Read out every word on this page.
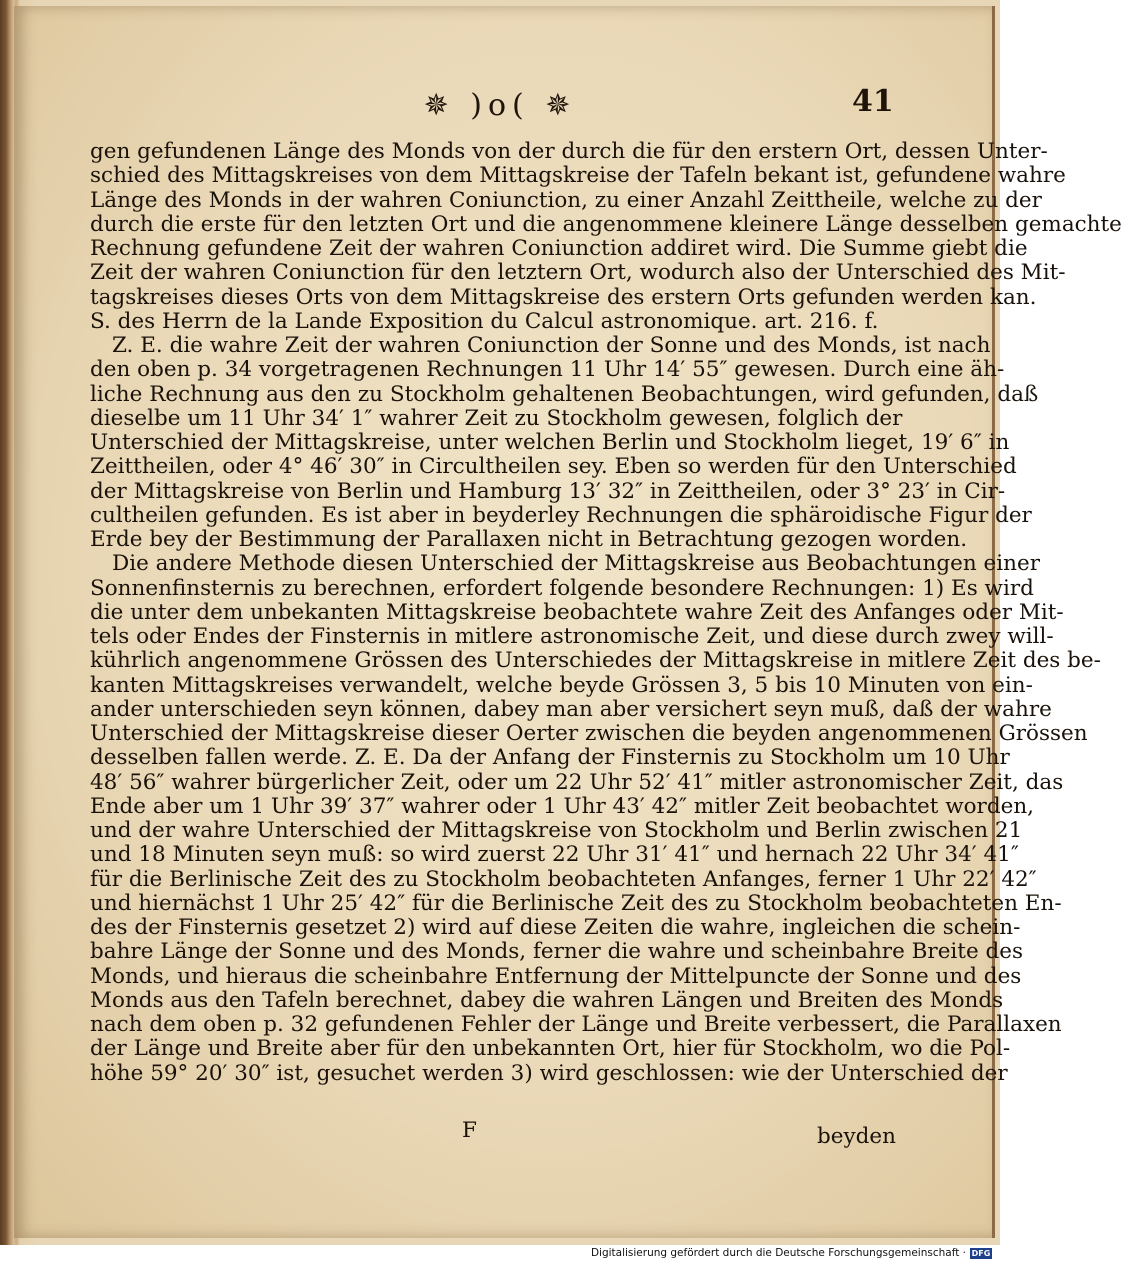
✵ )o( ✵	41
gen gefundenen Länge des Monds von der durch die für den erstern Ort, dessen Unter-
schied des Mittagskreises von dem Mittagskreise der Tafeln bekant ist, gefundene wahre
Länge des Monds in der wahren Coniunction, zu einer Anzahl Zeittheile, welche zu der
durch die erste für den letzten Ort und die angenommene kleinere Länge desselben gemachte
Rechnung gefundene Zeit der wahren Coniunction addiret wird. Die Summe giebt die
Zeit der wahren Coniunction für den letztern Ort, wodurch also der Unterschied des Mit-
tagskreises dieses Orts von dem Mittagskreise des erstern Orts gefunden werden kan.
S. des Herrn de la Lande Exposition du Calcul astronomique. art. 216. f.
Z. E. die wahre Zeit der wahren Coniunction der Sonne und des Monds, ist nach
den oben p. 34 vorgetragenen Rechnungen 11 Uhr 14′ 55″ gewesen. Durch eine äh-
liche Rechnung aus den zu Stockholm gehaltenen Beobachtungen, wird gefunden, daß
dieselbe um 11 Uhr 34′ 1″ wahrer Zeit zu Stockholm gewesen, folglich der
Unterschied der Mittagskreise, unter welchen Berlin und Stockholm lieget, 19′ 6″ in
Zeittheilen, oder 4° 46′ 30″ in Circultheilen sey. Eben so werden für den Unterschied
der Mittagskreise von Berlin und Hamburg 13′ 32″ in Zeittheilen, oder 3° 23′ in Cir-
cultheilen gefunden. Es ist aber in beyderley Rechnungen die sphäroidische Figur der
Erde bey der Bestimmung der Parallaxen nicht in Betrachtung gezogen worden.
Die andere Methode diesen Unterschied der Mittagskreise aus Beobachtungen einer
Sonnenfinsternis zu berechnen, erfordert folgende besondere Rechnungen: 1) Es wird
die unter dem unbekanten Mittagskreise beobachtete wahre Zeit des Anfanges oder Mit-
tels oder Endes der Finsternis in mitlere astronomische Zeit, und diese durch zwey will-
kührlich angenommene Grössen des Unterschiedes der Mittagskreise in mitlere Zeit des be-
kanten Mittagskreises verwandelt, welche beyde Grössen 3, 5 bis 10 Minuten von ein-
ander unterschieden seyn können, dabey man aber versichert seyn muß, daß der wahre
Unterschied der Mittagskreise dieser Oerter zwischen die beyden angenommenen Grössen
desselben fallen werde. Z. E. Da der Anfang der Finsternis zu Stockholm um 10 Uhr
48′ 56″ wahrer bürgerlicher Zeit, oder um 22 Uhr 52′ 41″ mitler astronomischer Zeit, das
Ende aber um 1 Uhr 39′ 37″ wahrer oder 1 Uhr 43′ 42″ mitler Zeit beobachtet worden,
und der wahre Unterschied der Mittagskreise von Stockholm und Berlin zwischen 21
und 18 Minuten seyn muß: so wird zuerst 22 Uhr 31′ 41″ und hernach 22 Uhr 34′ 41″
für die Berlinische Zeit des zu Stockholm beobachteten Anfanges, ferner 1 Uhr 22′ 42″
und hiernächst 1 Uhr 25′ 42″ für die Berlinische Zeit des zu Stockholm beobachteten En-
des der Finsternis gesetzet 2) wird auf diese Zeiten die wahre, ingleichen die schein-
bahre Länge der Sonne und des Monds, ferner die wahre und scheinbahre Breite des
Monds, und hieraus die scheinbahre Entfernung der Mittelpuncte der Sonne und des
Monds aus den Tafeln berechnet, dabey die wahren Längen und Breiten des Monds
nach dem oben p. 32 gefundenen Fehler der Länge und Breite verbessert, die Parallaxen
der Länge und Breite aber für den unbekannten Ort, hier für Stockholm, wo die Pol-
höhe 59° 20′ 30″ ist, gesuchet werden 3) wird geschlossen: wie der Unterschied der
F	beyden
Digitalisierung gefördert durch die Deutsche Forschungsgemeinschaft · DFG
